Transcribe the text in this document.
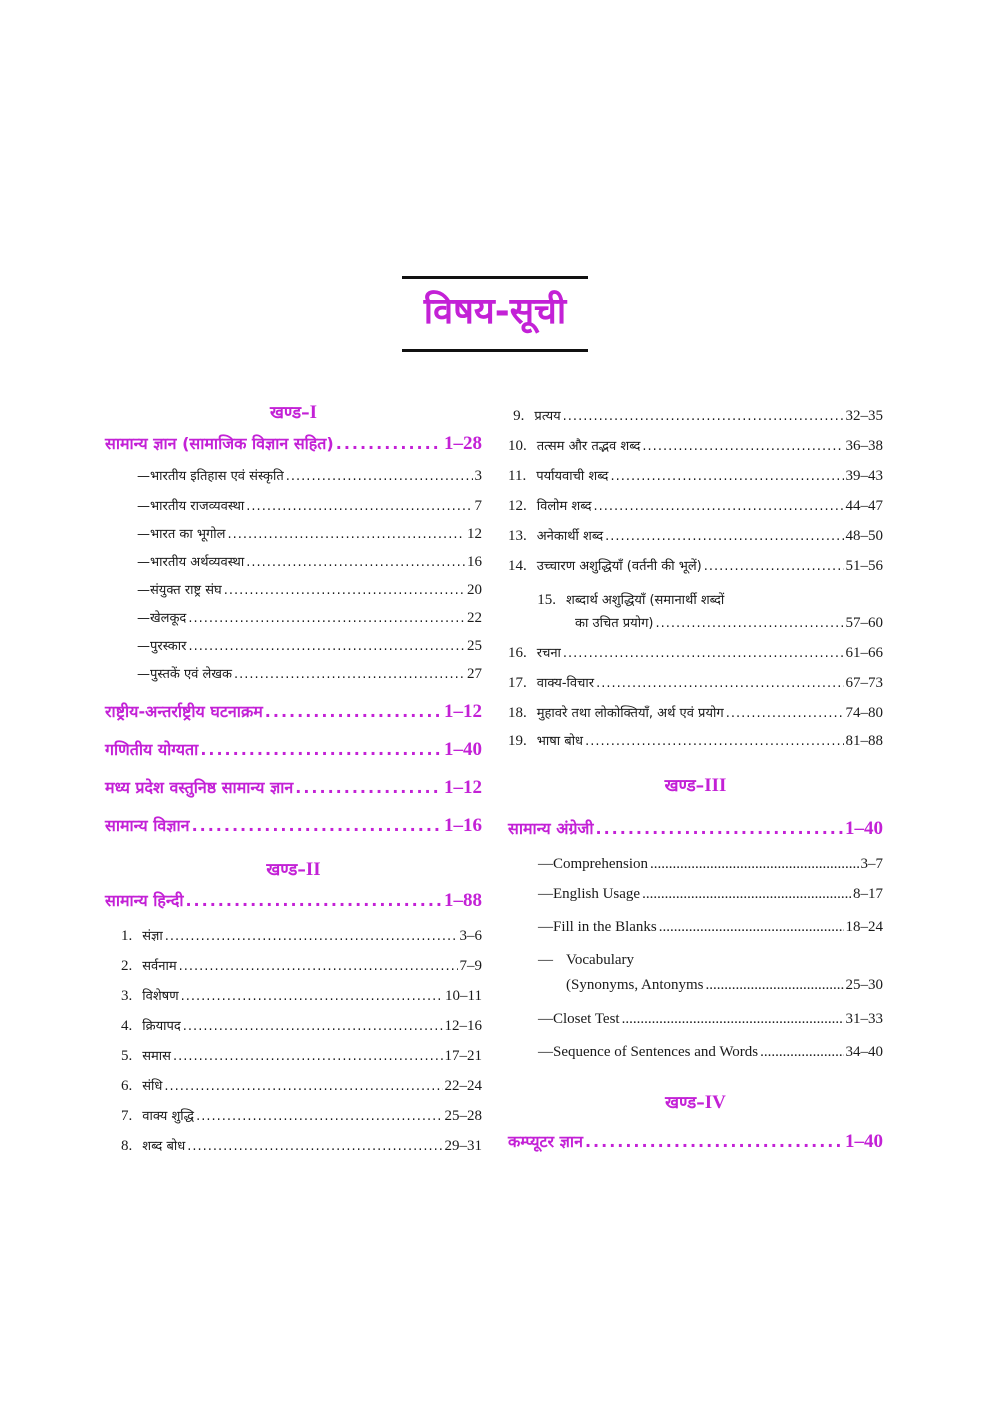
विषय-सूची
खण्ड–I
सामान्य ज्ञान (सामाजिक विज्ञान सहित) .....	1–28
— भारतीय इतिहास एवं संस्कृति .....	3
— भारतीय राजव्यवस्था .....	7
— भारत का भूगोल .....	12
— भारतीय अर्थव्यवस्था .....	16
— संयुक्त राष्ट्र संघ .....	20
— खेलकूद .....	22
— पुरस्कार .....	25
— पुस्तकें एवं लेखक .....	27
राष्ट्रीय-अन्तर्राष्ट्रीय घटनाक्रम .....	1–12
गणितीय योग्यता .....	1–40
मध्य प्रदेश वस्तुनिष्ठ सामान्य ज्ञान .....	1–12
सामान्य विज्ञान .....	1–16
खण्ड–II
सामान्य हिन्दी .....	1–88
1. संज्ञा .....	3–6
2. सर्वनाम .....	7–9
3. विशेषण .....	10–11
4. क्रियापद .....	12–16
5. समास .....	17–21
6. संधि .....	22–24
7. वाक्य शुद्धि .....	25–28
8. शब्द बोध .....	29–31
9. प्रत्यय .....	32–35
10. तत्सम और तद्भव शब्द .....	36–38
11. पर्यायवाची शब्द .....	39–43
12. विलोम शब्द .....	44–47
13. अनेकार्थी शब्द .....	48–50
14. उच्चारण अशुद्धियाँ (वर्तनी की भूलें) .....	51–56
15. शब्दार्थ अशुद्धियाँ (समानार्थी शब्दों
का उचित प्रयोग) .....	57–60
16. रचना .....	61–66
17. वाक्य-विचार .....	67–73
18. मुहावरे तथा लोकोक्तियाँ, अर्थ एवं प्रयोग .....	74–80
19. भाषा बोध .....	81–88
खण्ड–III
सामान्य अंग्रेजी .....	1–40
— Comprehension .....	3–7
— English Usage .....	8–17
— Fill in the Blanks .....	18–24
— Vocabulary
(Synonyms, Antonyms .....	25–30
— Closet Test .....	31–33
— Sequence of Sentences and Words .....	34–40
खण्ड–IV
कम्प्यूटर ज्ञान .....	1–40
